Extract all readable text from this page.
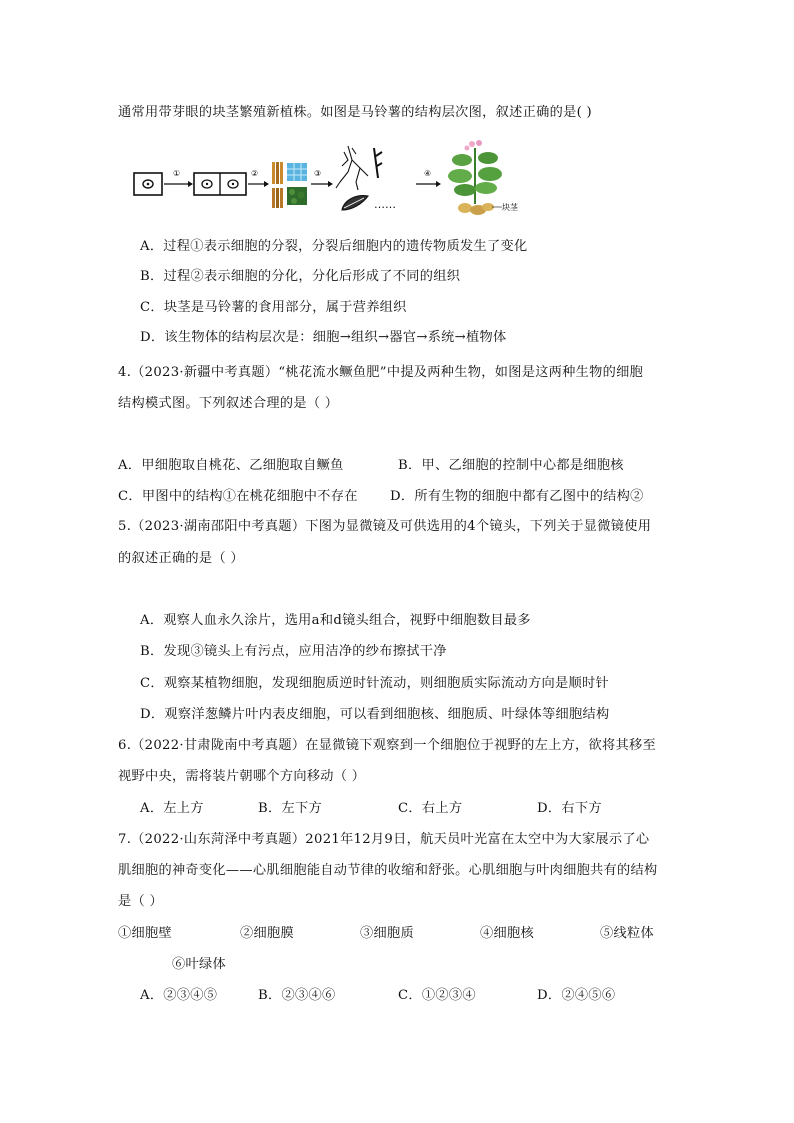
通常用带芽眼的块茎繁殖新植株。如图是马铃薯的结构层次图，叙述正确的是( )
①	②	③
……
④
块茎
A．过程①表示细胞的分裂，分裂后细胞内的遗传物质发生了变化
B．过程②表示细胞的分化，分化后形成了不同的组织
C．块茎是马铃薯的食用部分，属于营养组织
D．该生物体的结构层次是：细胞→组织→器官→系统→植物体
4.（2023·新疆中考真题）“桃花流水鳜鱼肥”中提及两种生物，如图是这两种生物的细胞
结构模式图。下列叙述合理的是（ ）
A．甲细胞取自桃花、乙细胞取自鳜鱼	B．甲、乙细胞的控制中心都是细胞核
C．甲图中的结构①在桃花细胞中不存在 D．所有生物的细胞中都有乙图中的结构②
5.（2023·湖南邵阳中考真题）下图为显微镜及可供选用的4个镜头，下列关于显微镜使用
的叙述正确的是（ ）
A．观察人血永久涂片，选用a和d镜头组合，视野中细胞数目最多
B．发现③镜头上有污点，应用洁净的纱布擦拭干净
C．观察某植物细胞，发现细胞质逆时针流动，则细胞质实际流动方向是顺时针
D．观察洋葱鳞片叶内表皮细胞，可以看到细胞核、细胞质、叶绿体等细胞结构
6.（2022·甘肃陇南中考真题）在显微镜下观察到一个细胞位于视野的左上方，欲将其移至
视野中央，需将装片朝哪个方向移动（ ）
A．左上方	B．左下方	C．右上方	D．右下方
7.（2022·山东菏泽中考真题）2021年12月9日，航天员叶光富在太空中为大家展示了心
肌细胞的神奇变化——心肌细胞能自动节律的收缩和舒张。心肌细胞与叶肉细胞共有的结构
是（ ）
①细胞壁	②细胞膜	③细胞质	④细胞核	⑤线粒体
⑥叶绿体
A．②③④⑤	B．②③④⑥	C．①②③④	D．②④⑤⑥
